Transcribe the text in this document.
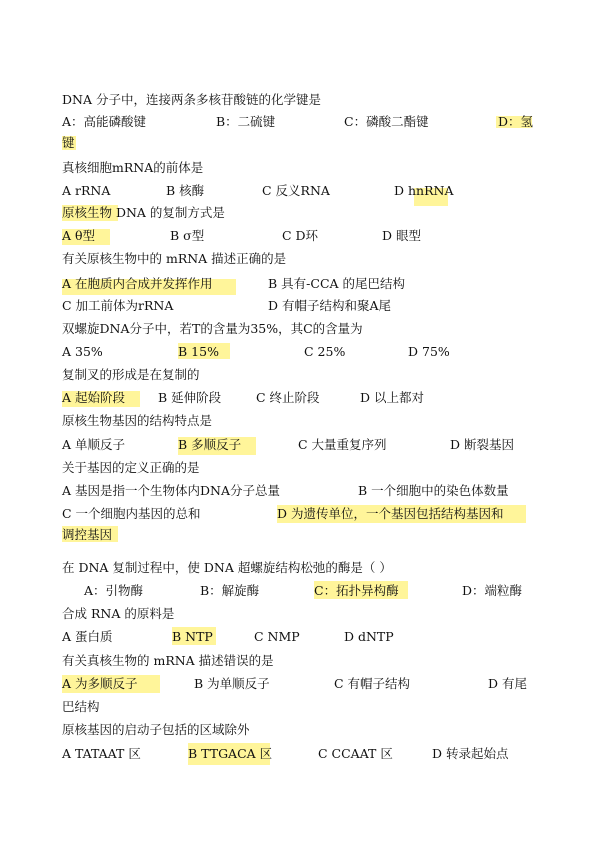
DNA 分子中，连接两条多核苷酸链的化学键是
A：高能磷酸键	B：二硫键	C：磷酸二酯键	D：氢
键
真核细胞mRNA的前体是
A rRNA	B 核酶	C 反义RNA	D hnRNA
原核生物 DNA 的复制方式是
A θ型	B σ型	C D环	D 眼型
有关原核生物中的 mRNA 描述正确的是
A 在胞质内合成并发挥作用	B 具有-CCA 的尾巴结构
C 加工前体为rRNA	D 有帽子结构和聚A尾
双螺旋DNA分子中，若T的含量为35%，其C的含量为
A 35%	B 15%	C 25%	D 75%
复制叉的形成是在复制的
A 起始阶段	B 延伸阶段	C 终止阶段	D 以上都对
原核生物基因的结构特点是
A 单顺反子	B 多顺反子	C 大量重复序列	D 断裂基因
关于基因的定义正确的是
A 基因是指一个生物体内DNA分子总量	B 一个细胞中的染色体数量
C 一个细胞内基因的总和	D 为遗传单位，一个基因包括结构基因和
调控基因
在 DNA 复制过程中，使 DNA 超螺旋结构松弛的酶是（ ）
A：引物酶	B：解旋酶	C：拓扑异构酶	D：端粒酶
合成 RNA 的原料是
A 蛋白质	B NTP	C NMP	D dNTP
有关真核生物的 mRNA 描述错误的是
A 为多顺反子	B 为单顺反子	C 有帽子结构	D 有尾
巴结构
原核基因的启动子包括的区域除外
A TATAAT 区	B TTGACA 区	C CCAAT 区	D 转录起始点
